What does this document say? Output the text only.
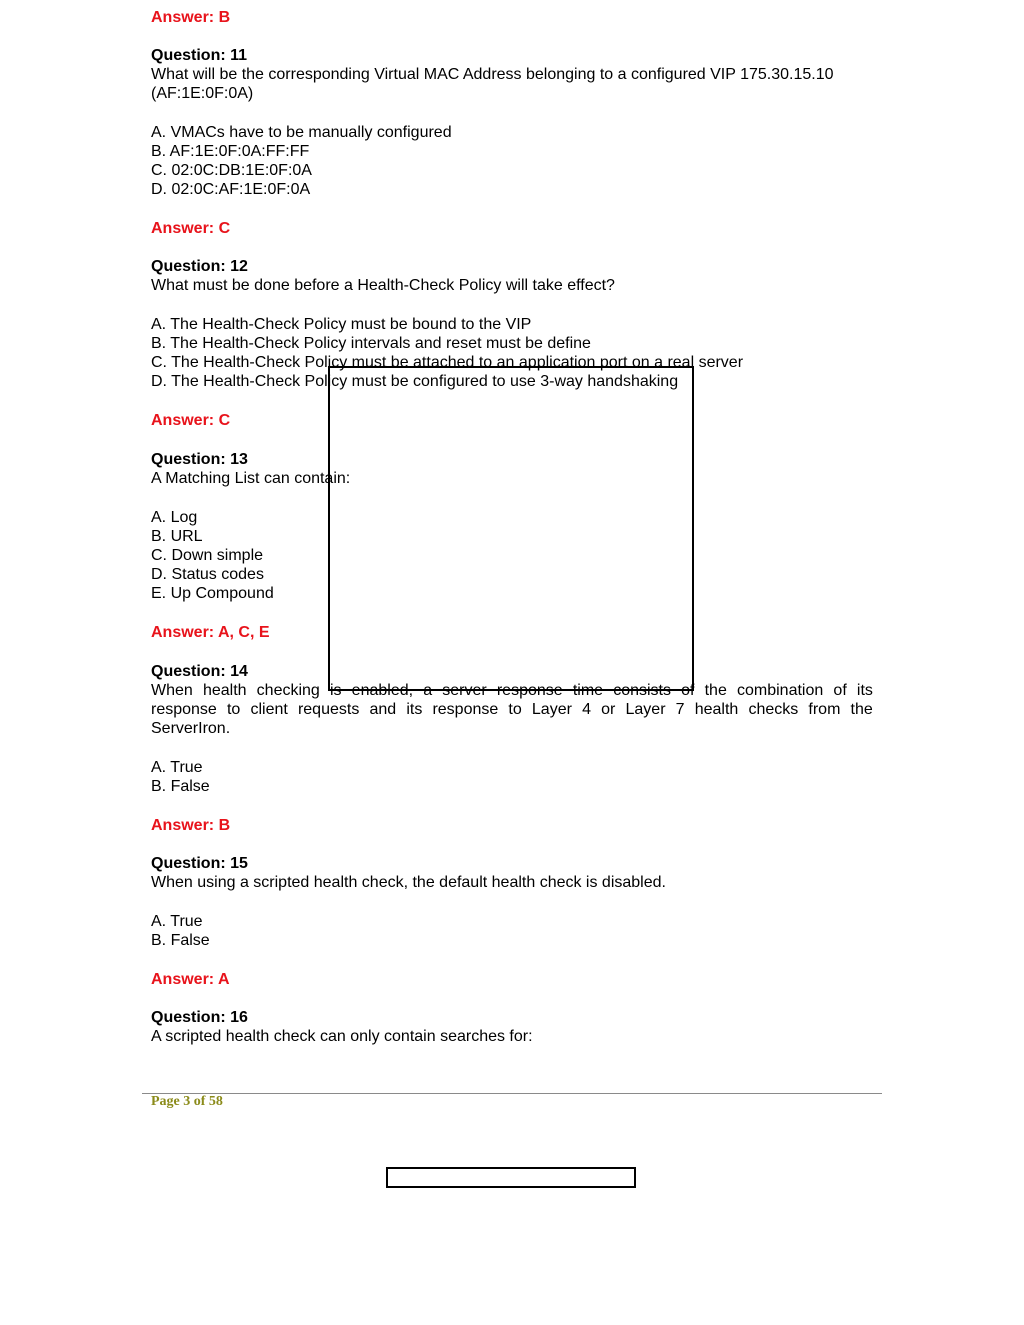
Answer: B
Question: 11
What will be the corresponding Virtual MAC Address belonging to a configured VIP 175.30.15.10
(AF:1E:0F:0A)
A. VMACs have to be manually configured
B. AF:1E:0F:0A:FF:FF
C. 02:0C:DB:1E:0F:0A
D. 02:0C:AF:1E:0F:0A
Answer: C
Question: 12
What must be done before a Health-Check Policy will take effect?
A. The Health-Check Policy must be bound to the VIP
B. The Health-Check Policy intervals and reset must be define
C. The Health-Check Policy must be attached to an application port on a real server
D. The Health-Check Policy must be configured to use 3-way handshaking
Answer: C
Question: 13
A Matching List can contain:
A. Log
B. URL
C. Down simple
D. Status codes
E. Up Compound
Answer: A, C, E
Question: 14
When health checking is enabled, a server response time consists of the combination of its
response to client requests and its response to Layer 4 or Layer 7 health checks from the
ServerIron.
A. True
B. False
Answer: B
Question: 15
When using a scripted health check, the default health check is disabled.
A. True
B. False
Answer: A
Question: 16
A scripted health check can only contain searches for:
Page 3 of 58
